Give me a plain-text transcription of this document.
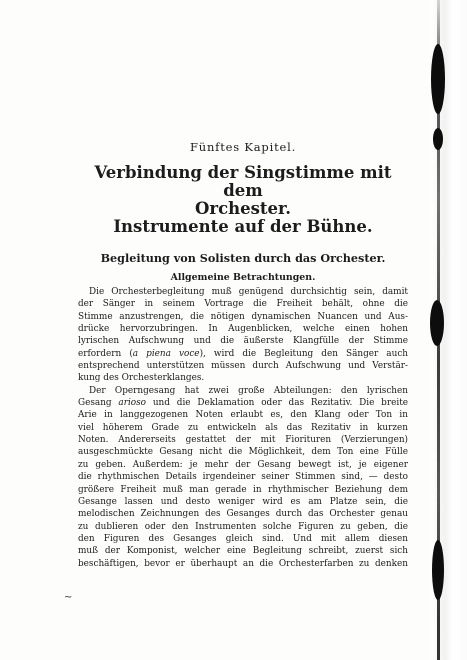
Fünftes Kapitel.

Verbindung der Singstimme mit dem
Orchester.
Instrumente auf der Bühne.
Begleitung von Solisten durch das Orchester.
Allgemeine Betrachtungen.

Die Orchesterbegleitung muß genügend durchsichtig sein, damit
der Sänger in seinem Vortrage die Freiheit behält, ohne die
Stimme anzustrengen, die nötigen dynamischen Nuancen und Aus-
drücke hervorzubringen. In Augenblicken, welche einen hohen
lyrischen Aufschwung und die äußerste Klangfülle der Stimme
erfordern (a piena voce), wird die Begleitung den Sänger auch
entsprechend unterstützen müssen durch Aufschwung und Verstär-
kung des Orchesterklanges.

Der Operngesang hat zwei große Abteilungen: den lyrischen
Gesang arioso und die Deklamation oder das Rezitativ. Die breite
Arie in langgezogenen Noten erlaubt es, den Klang oder Ton in
viel höherem Grade zu entwickeln als das Rezitativ in kurzen
Noten. Andererseits gestattet der mit Fiorituren (Verzierungen)
ausgeschmückte Gesang nicht die Möglichkeit, dem Ton eine Fülle
zu geben. Außerdem: je mehr der Gesang bewegt ist, je eigener
die rhythmischen Details irgendeiner seiner Stimmen sind, — desto
größere Freiheit muß man gerade in rhythmischer Beziehung dem
Gesange lassen und desto weniger wird es am Platze sein, die
melodischen Zeichnungen des Gesanges durch das Orchester genau
zu dublieren oder den Instrumenten solche Figuren zu geben, die
den Figuren des Gesanges gleich sind. Und mit allem diesen
muß der Komponist, welcher eine Begleitung schreibt, zuerst sich
beschäftigen, bevor er überhaupt an die Orchesterfarben zu denken

~
